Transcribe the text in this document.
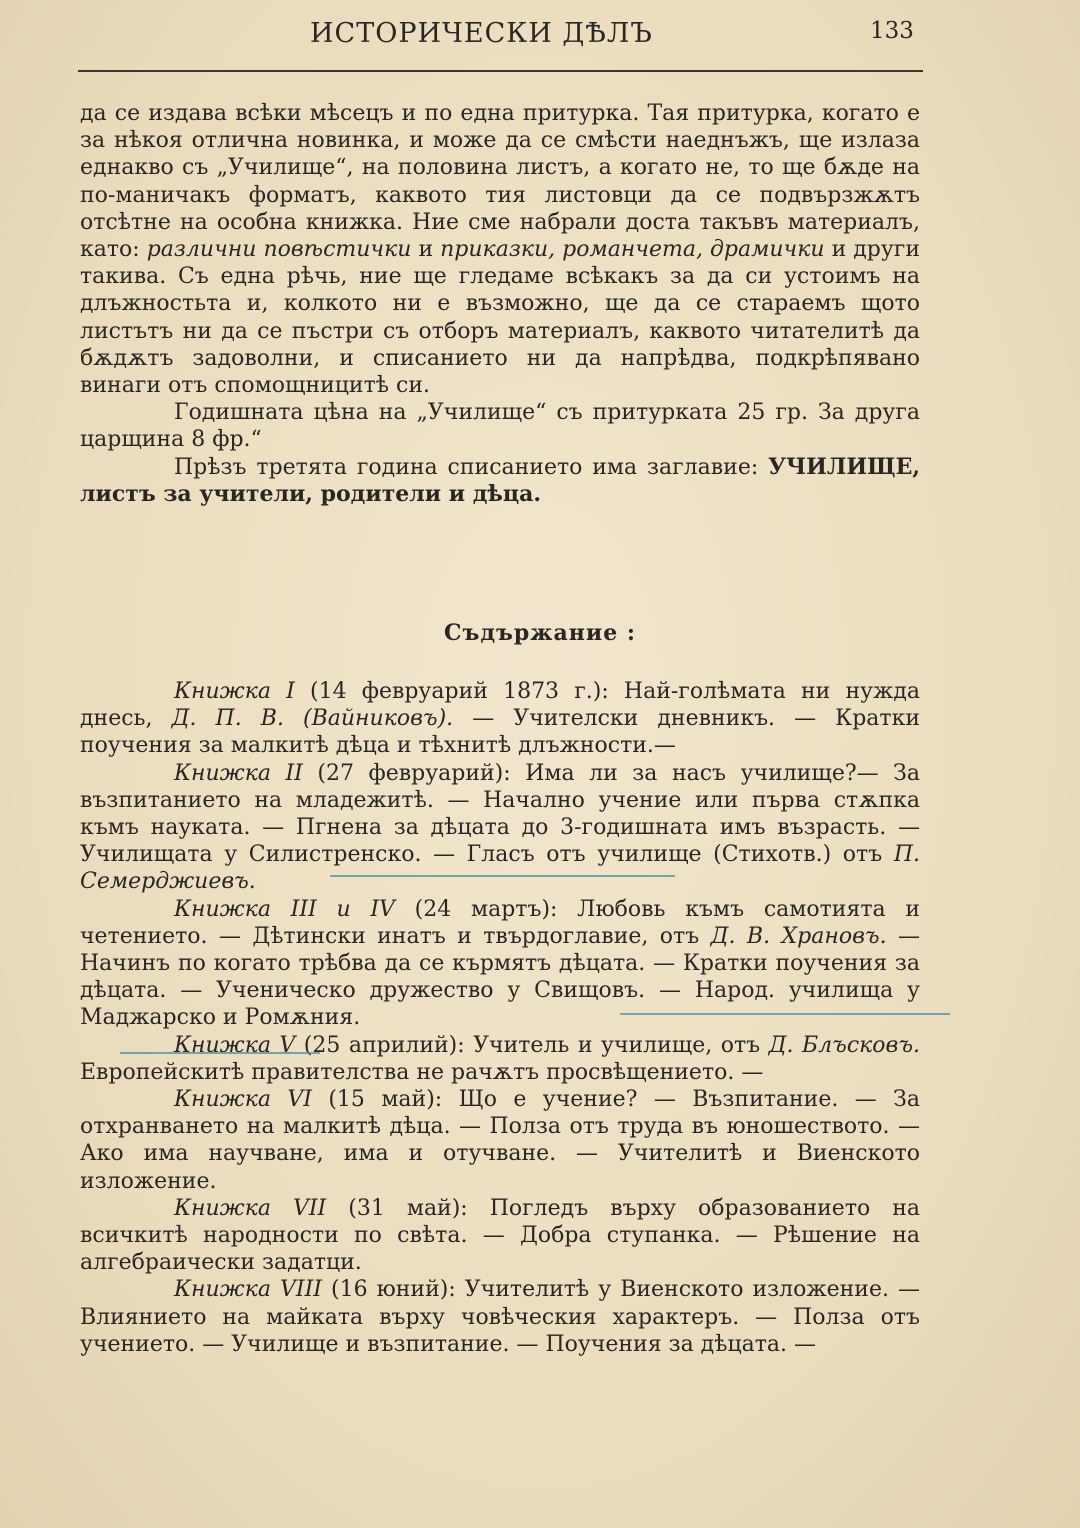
ИСТОРИЧЕСКИ ДѢЛЪ	133

да се издава всѣки мѣсецъ и по една притурка. Тая притурка, когато е за нѣкоя отлична новинка, и може да се смѣсти наеднъжъ, ще излаза еднакво съ „Училище“, на половина листъ, а когато не, то ще бѫде на по-маничакъ форматъ, каквото тия листовци да се подвързжѫтъ отсѣтне на особна книжка. Ние сме набрали доста такъвъ материалъ, като: различни повѣстички и приказки, романчета, драмички и други такива. Съ една рѣчь, ние ще гледаме всѣкакъ за да си устоимъ на длъжностьта и, колкото ни е възможно, ще да се стараемъ щото листътъ ни да се пъстри съ отборъ материалъ, каквото читателитѣ да бѫдѫтъ задоволни, и списанието ни да напрѣдва, подкрѣпявано винаги отъ спомощницитѣ си.

Годишната цѣна на „Училище“ съ притурката 25 гр. За друга царщина 8 фр.“

Прѣзъ третята година списанието има заглавие: УЧИЛИЩЕ, листъ за учители, родители и дѣца.

Съдържание :

Книжка I (14 февруарий 1873 г.): Най-голѣмата ни нужда днесь, Д. П. В. (Вайниковъ). — Учителски дневникъ. — Кратки поучения за малкитѣ дѣца и тѣхнитѣ длъжности.—

Книжка II (27 февруарий): Има ли за насъ училище?— За възпитанието на младежитѣ. — Начално учение или първа стѫпка къмъ науката. — Пгнена за дѣцата до 3-годишната имъ възрасть. — Училищата у Силистренско. — Гласъ отъ училище (Стихотв.) отъ П. Семерджиевъ.

Книжка III и IV (24 мартъ): Любовь къмъ самотията и четението. — Дѣтински инатъ и твърдоглавие, отъ Д. В. Храновъ. — Начинъ по когато трѣбва да се кърмятъ дѣцата. — Кратки поучения за дѣцата. — Ученическо дружество у Свищовъ. — Народ. училища у Маджарско и Ромѫния.

Книжка V (25 априлий): Учитель и училище, отъ Д. Блъсковъ. Европейскитѣ правителства не рачѫтъ просвѣщението. —

Книжка VI (15 май): Що е учение? — Възпитание. — За отхранването на малкитѣ дѣца. — Полза отъ труда въ юношеството. — Ако има научване, има и отучване. — Учителитѣ и Виенското изложение.

Книжка VII (31 май): Погледъ върху образованието на всичкитѣ народности по свѣта. — Добра ступанка. — Рѣшение на алгебраически задатци.

Книжка VIII (16 юний): Учителитѣ у Виенското изложение. — Влиянието на майката върху човѣческия характеръ. — Полза отъ учението. — Училище и възпитание. — Поучения за дѣцата. —
